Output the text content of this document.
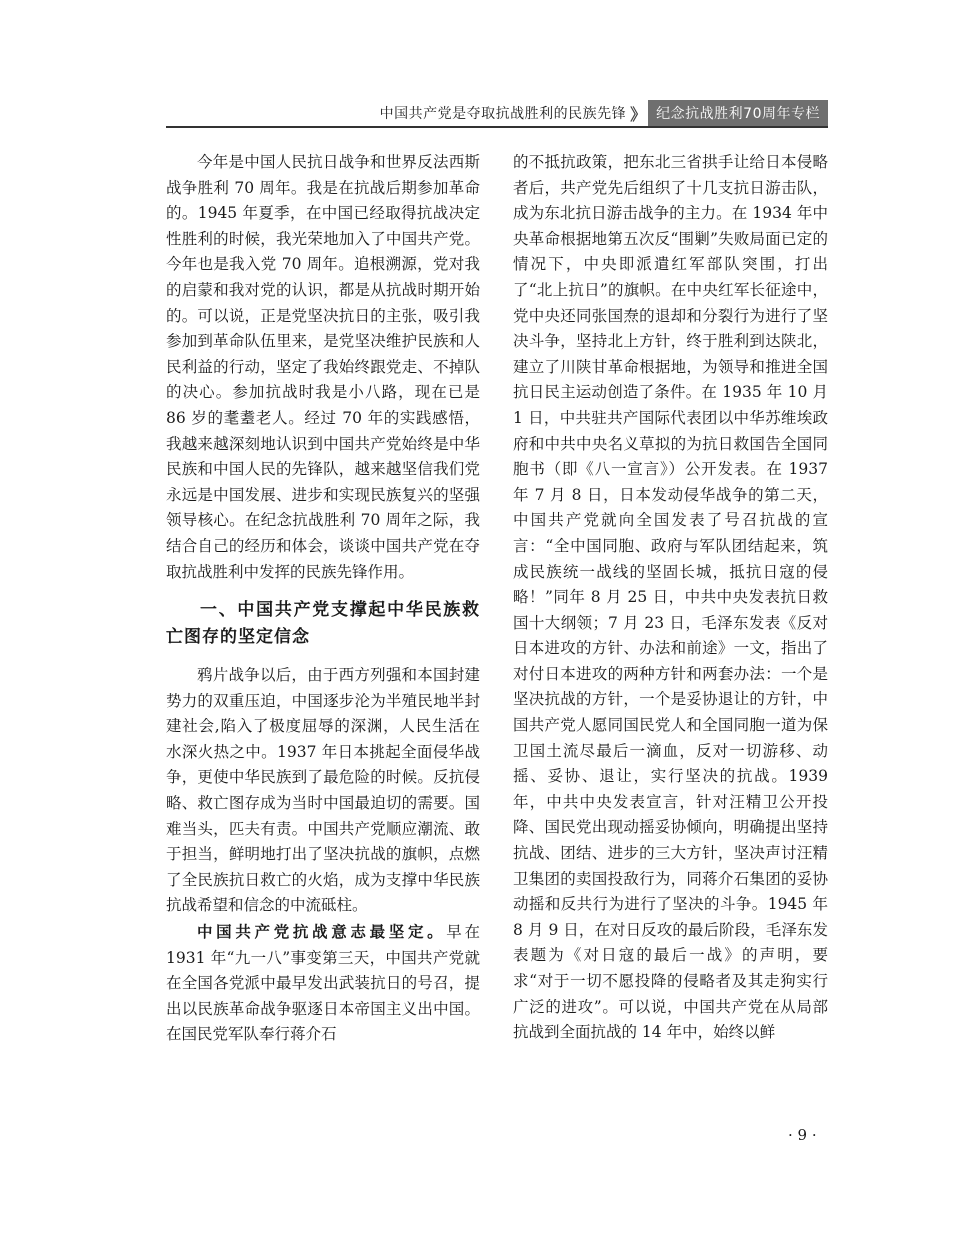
中国共产党是夺取抗战胜利的民族先锋 》 纪念抗战胜利70周年专栏

今年是中国人民抗日战争和世界反法西斯战争胜利 70 周年。我是在抗战后期参加革命的。1945 年夏季，在中国已经取得抗战决定性胜利的时候，我光荣地加入了中国共产党。今年也是我入党 70 周年。追根溯源，党对我的启蒙和我对党的认识，都是从抗战时期开始的。可以说，正是党坚决抗日的主张，吸引我参加到革命队伍里来，是党坚决维护民族和人民利益的行动，坚定了我始终跟党走、不掉队的决心。参加抗战时我是小八路，现在已是 86 岁的耄耋老人。经过 70 年的实践感悟，我越来越深刻地认识到中国共产党始终是中华民族和中国人民的先锋队，越来越坚信我们党永远是中国发展、进步和实现民族复兴的坚强领导核心。在纪念抗战胜利 70 周年之际，我结合自己的经历和体会，谈谈中国共产党在夺取抗战胜利中发挥的民族先锋作用。

一、中国共产党支撑起中华民族救亡图存的坚定信念

鸦片战争以后，由于西方列强和本国封建势力的双重压迫，中国逐步沦为半殖民地半封建社会,陷入了极度屈辱的深渊，人民生活在水深火热之中。1937 年日本挑起全面侵华战争，更使中华民族到了最危险的时候。反抗侵略、救亡图存成为当时中国最迫切的需要。国难当头，匹夫有责。中国共产党顺应潮流、敢于担当，鲜明地打出了坚决抗战的旗帜，点燃了全民族抗日救亡的火焰，成为支撑中华民族抗战希望和信念的中流砥柱。

中国共产党抗战意志最坚定。早在 1931 年“九一八”事变第三天，中国共产党就在全国各党派中最早发出武装抗日的号召，提出以民族革命战争驱逐日本帝国主义出中国。在国民党军队奉行蒋介石

的不抵抗政策，把东北三省拱手让给日本侵略者后，共产党先后组织了十几支抗日游击队，成为东北抗日游击战争的主力。在 1934 年中央革命根据地第五次反“围剿”失败局面已定的情况下，中央即派遣红军部队突围，打出了“北上抗日”的旗帜。在中央红军长征途中，党中央还同张国焘的退却和分裂行为进行了坚决斗争，坚持北上方针，终于胜利到达陕北，建立了川陕甘革命根据地，为领导和推进全国抗日民主运动创造了条件。在 1935 年 10 月 1 日，中共驻共产国际代表团以中华苏维埃政府和中共中央名义草拟的为抗日救国告全国同胞书（即《八一宣言》）公开发表。在 1937 年 7 月 8 日，日本发动侵华战争的第二天，中国共产党就向全国发表了号召抗战的宣言：“全中国同胞、政府与军队团结起来，筑成民族统一战线的坚固长城，抵抗日寇的侵略！”同年 8 月 25 日，中共中央发表抗日救国十大纲领；7 月 23 日，毛泽东发表《反对日本进攻的方针、办法和前途》一文，指出了对付日本进攻的两种方针和两套办法：一个是坚决抗战的方针，一个是妥协退让的方针，中国共产党人愿同国民党人和全国同胞一道为保卫国土流尽最后一滴血，反对一切游移、动摇、妥协、退让，实行坚决的抗战。1939 年，中共中央发表宣言，针对汪精卫公开投降、国民党出现动摇妥协倾向，明确提出坚持抗战、团结、进步的三大方针，坚决声讨汪精卫集团的卖国投敌行为，同蒋介石集团的妥协动摇和反共行为进行了坚决的斗争。1945 年 8 月 9 日，在对日反攻的最后阶段，毛泽东发表题为《对日寇的最后一战》的声明，要求“对于一切不愿投降的侵略者及其走狗实行广泛的进攻”。可以说，中国共产党在从局部抗战到全面抗战的 14 年中，始终以鲜

· 9 ·
